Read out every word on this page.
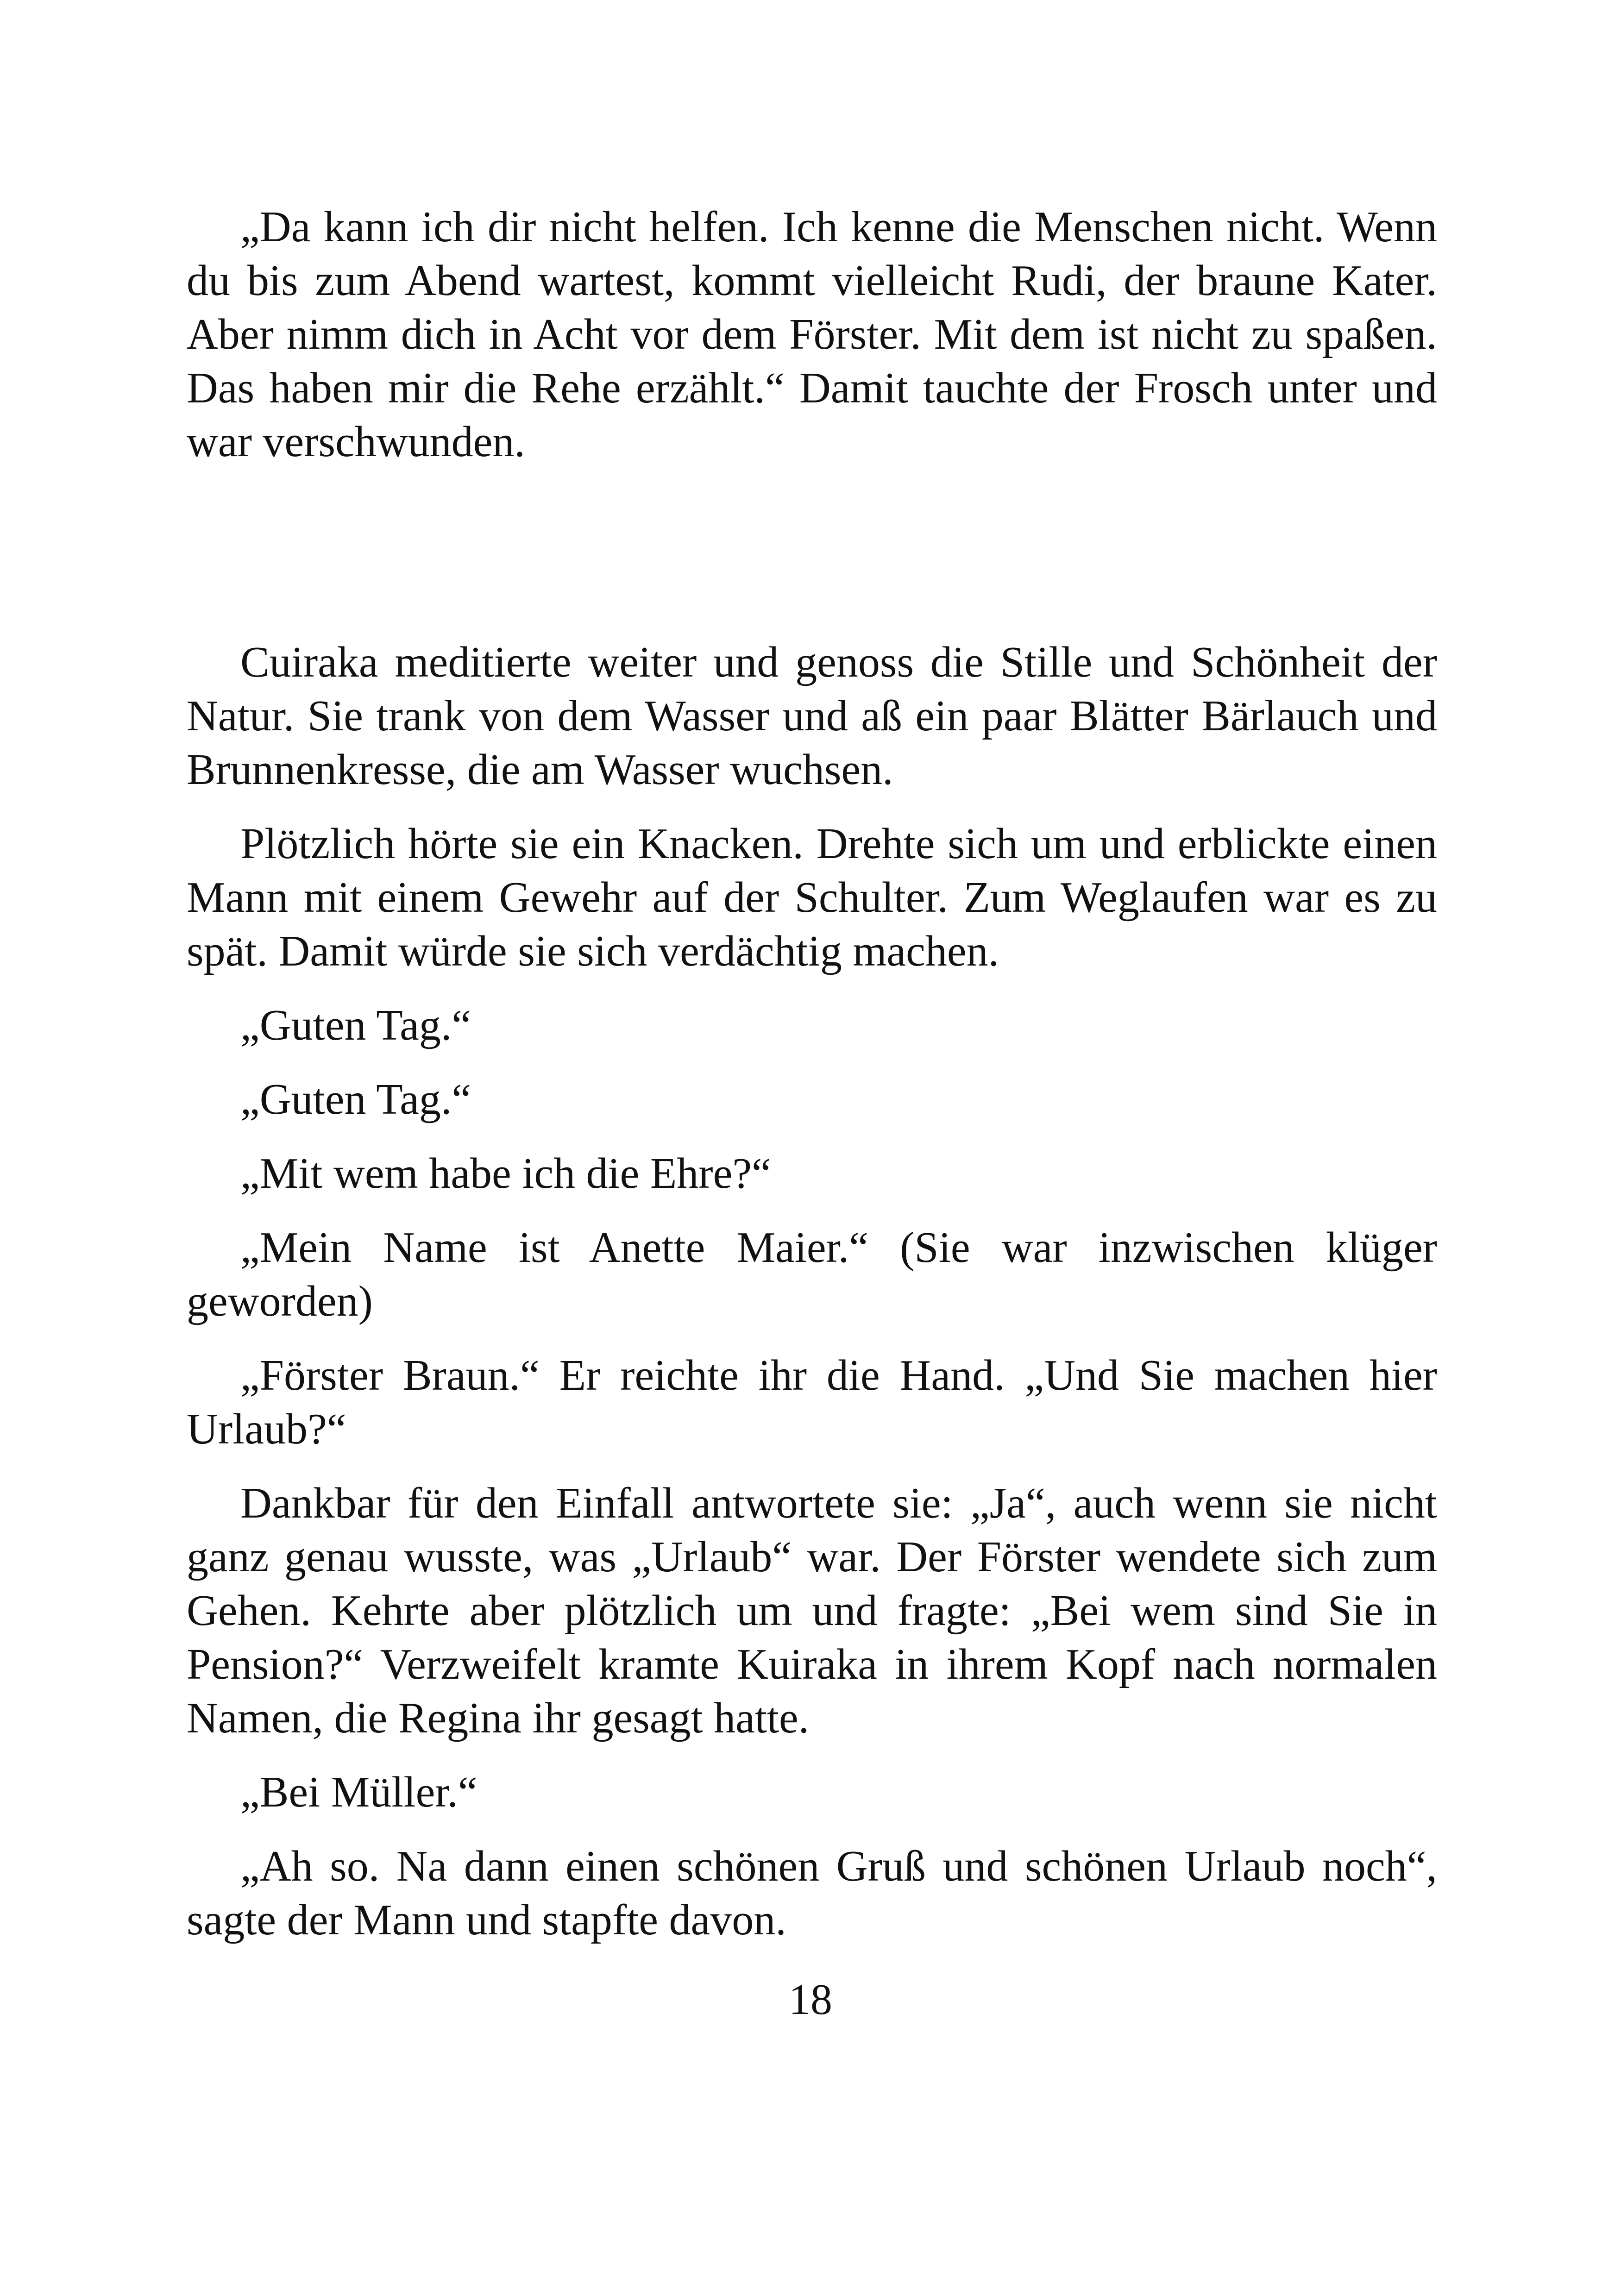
„Da kann ich dir nicht helfen. Ich kenne die Menschen nicht. Wenn du bis zum Abend wartest, kommt vielleicht Rudi, der braune Kater. Aber nimm dich in Acht vor dem Förster. Mit dem ist nicht zu spaßen. Das haben mir die Rehe erzählt.“ Damit tauchte der Frosch unter und war verschwunden.

Cuiraka meditierte weiter und genoss die Stille und Schönheit der Natur. Sie trank von dem Wasser und aß ein paar Blätter Bärlauch und Brunnenkresse, die am Wasser wuchsen.

Plötzlich hörte sie ein Knacken. Drehte sich um und erblickte einen Mann mit einem Gewehr auf der Schulter. Zum Weglaufen war es zu spät. Damit würde sie sich verdächtig machen.

„Guten Tag.“

„Guten Tag.“

„Mit wem habe ich die Ehre?“

„Mein Name ist Anette Maier.“ (Sie war inzwischen klüger geworden)

„Förster Braun.“ Er reichte ihr die Hand. „Und Sie machen hier Urlaub?“

Dankbar für den Einfall antwortete sie: „Ja“, auch wenn sie nicht ganz genau wusste, was „Urlaub“ war. Der Förster wendete sich zum Gehen. Kehrte aber plötzlich um und fragte: „Bei wem sind Sie in Pension?“ Verzweifelt kramte Kuiraka in ihrem Kopf nach normalen Namen, die Regina ihr gesagt hatte.

„Bei Müller.“

„Ah so. Na dann einen schönen Gruß und schönen Urlaub noch“, sagte der Mann und stapfte davon.

18
